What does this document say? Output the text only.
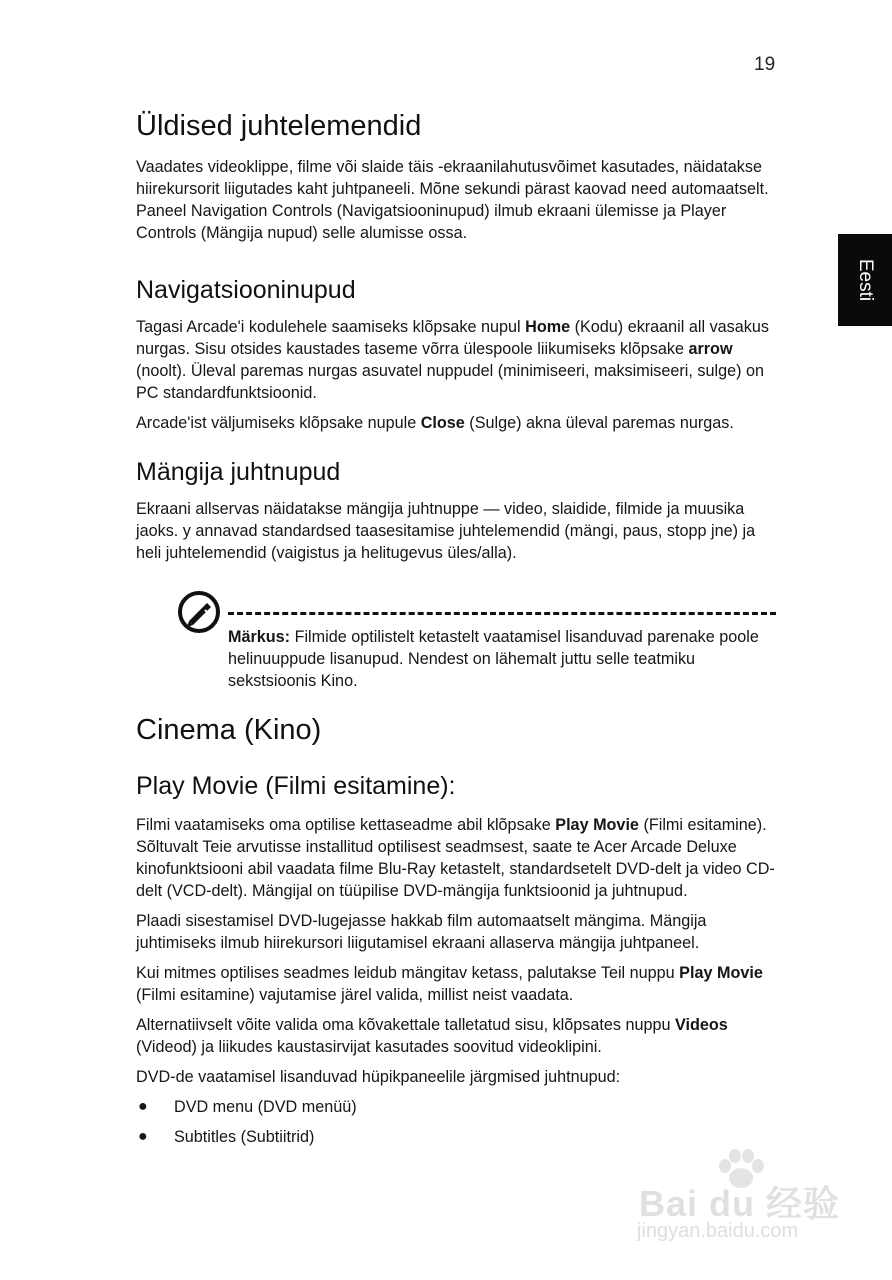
19
Eesti
Üldised juhtelemendid

Vaadates videoklippe, filme või slaide täis -ekraanilahutusvõimet kasutades, näidatakse hiirekursorit liigutades kaht juhtpaneeli. Mõne sekundi pärast kaovad need automaatselt. Paneel Navigation Controls (Navigatsiooninupud) ilmub ekraani ülemisse ja Player Controls (Mängija nupud) selle alumisse ossa.

Navigatsiooninupud

Tagasi Arcade'i kodulehele saamiseks klõpsake nupul Home (Kodu) ekraanil all vasakus nurgas. Sisu otsides kaustades taseme võrra ülespoole liikumiseks klõpsake arrow (noolt). Üleval paremas nurgas asuvatel nuppudel (minimiseeri, maksimiseeri, sulge) on PC standardfunktsioonid.

Arcade'ist väljumiseks klõpsake nupule Close (Sulge) akna üleval paremas nurgas.

Mängija juhtnupud

Ekraani allservas näidatakse mängija juhtnuppe — video, slaidide, filmide ja muusika jaoks. y annavad standardsed taasesitamise juhtelemendid (mängi, paus, stopp jne) ja heli juhtelemendid (vaigistus ja helitugevus üles/alla).

Märkus: Filmide optilistelt ketastelt vaatamisel lisanduvad parenake poole helinuuppude lisanupud. Nendest on lähemalt juttu selle teatmiku sekstsioonis Kino.

Cinema (Kino)
Play Movie (Filmi esitamine):

Filmi vaatamiseks oma optilise kettaseadme abil klõpsake Play Movie (Filmi esitamine). Sõltuvalt Teie arvutisse installitud optilisest seadmsest, saate te Acer Arcade Deluxe kinofunktsiooni abil vaadata filme Blu-Ray ketastelt, standardsetelt DVD-delt ja video CD-delt (VCD-delt). Mängijal on tüüpilise DVD-mängija funktsioonid ja juhtnupud.

Plaadi sisestamisel DVD-lugejasse hakkab film automaatselt mängima. Mängija juhtimiseks ilmub hiirekursori liigutamisel ekraani allaserva mängija juhtpaneel.

Kui mitmes optilises seadmes leidub mängitav ketass, palutakse Teil nuppu Play Movie (Filmi esitamine) vajutamise järel valida, millist neist vaadata.

Alternatiivselt võite valida oma kõvakettale talletatud sisu, klõpsates nuppu Videos (Videod) ja liikudes kaustasirvijat kasutades soovitud videoklipini.

DVD-de vaatamisel lisanduvad hüpikpaneelile järgmised juhtnupud:

● DVD menu (DVD menüü)
● Subtitles (Subtiitrid)
Bai du 经验
jingyan.baidu.com
